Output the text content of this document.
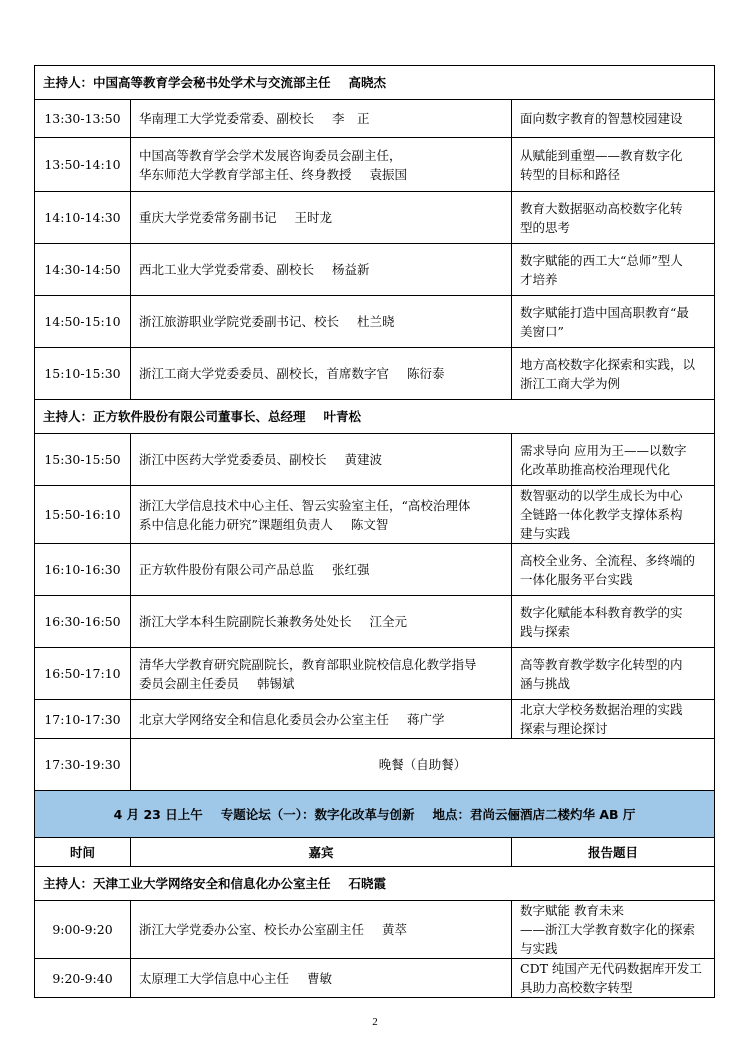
主持人：中国高等教育学会秘书处学术与交流部主任 高晓杰		
13:30-13:50	华南理工大学党委常委、副校长 李　正	面向数字教育的智慧校园建设

13:50-14:10	中国高等教育学会学术发展咨询委员会副主任，
华东师范大学教育学部主任、终身教授 袁振国	从赋能到重塑——教育数字化
转型的目标和路径

14:10-14:30	重庆大学党委常务副书记 王时龙	教育大数据驱动高校数字化转
型的思考

14:30-14:50	西北工业大学党委常委、副校长 杨益新	数字赋能的西工大“总师”型人
才培养

14:50-15:10	浙江旅游职业学院党委副书记、校长 杜兰晓	数字赋能打造中国高职教育“最
美窗口”

15:10-15:30	浙江工商大学党委委员、副校长，首席数字官 陈衍泰	地方高校数字化探索和实践，以
浙江工商大学为例

主持人：正方软件股份有限公司董事长、总经理 叶青松		
15:30-15:50	浙江中医药大学党委委员、副校长 黄建波	需求导向 应用为王——以数字
化改革助推高校治理现代化

15:50-16:10	浙江大学信息技术中心主任、智云实验室主任，“高校治理体
系中信息化能力研究”课题组负责人 陈文智	数智驱动的以学生成长为中心
全链路一体化教学支撑体系构
建与实践

16:10-16:30	正方软件股份有限公司产品总监 张红强	高校全业务、全流程、多终端的
一体化服务平台实践

16:30-16:50	浙江大学本科生院副院长兼教务处处长 江全元	数字化赋能本科教育教学的实
践与探索

16:50-17:10	清华大学教育研究院副院长，教育部职业院校信息化教学指导
委员会副主任委员 韩锡斌	高等教育教学数字化转型的内
涵与挑战

17:10-17:30	北京大学网络安全和信息化委员会办公室主任 蒋广学	北京大学校务数据治理的实践
探索与理论探讨

17:30-19:30	晚餐（自助餐）	
4 月 23 日上午 专题论坛（一）：数字化改革与创新 地点：君尚云俪酒店二楼灼华 AB 厅		
时间	嘉宾	报告题目
主持人：天津工业大学网络安全和信息化办公室主任 石晓霞		
9:00-9:20	浙江大学党委办公室、校长办公室副主任 黄萃	数字赋能 教育未来
——浙江大学教育数字化的探索
与实践

9:20-9:40	太原理工大学信息中心主任 曹敏	CDT 纯国产无代码数据库开发工
具助力高校数字转型
2
